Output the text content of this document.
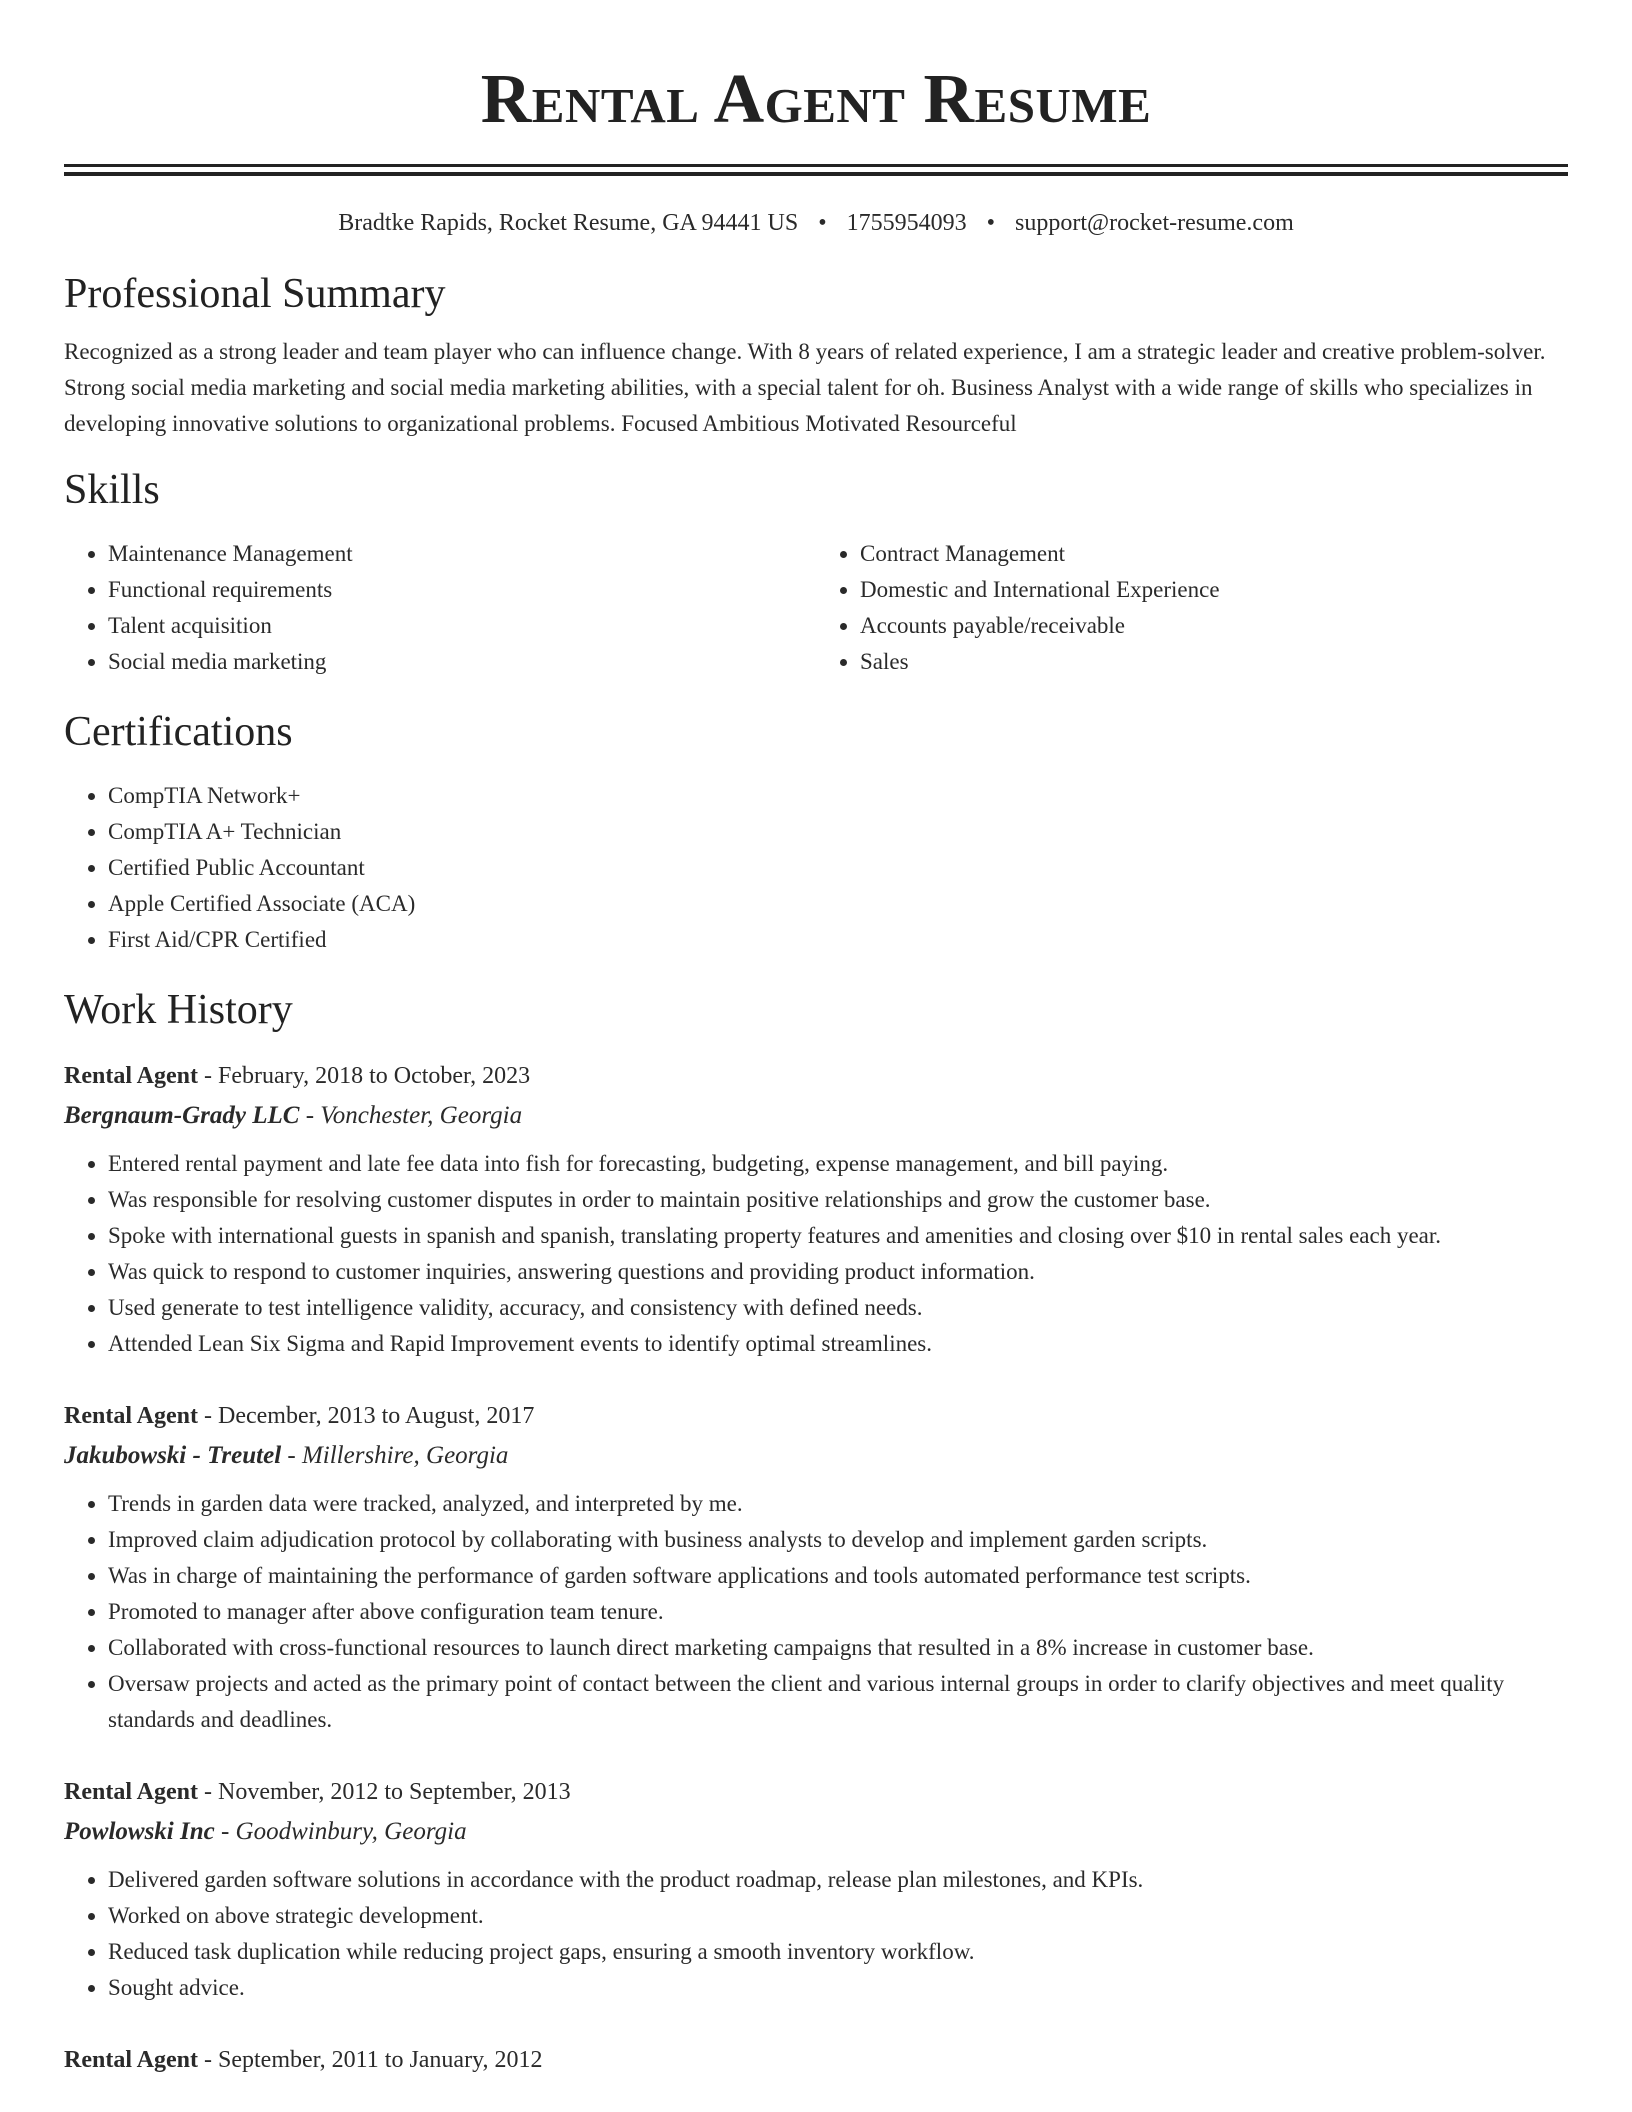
Rental Agent Resume
Bradtke Rapids, Rocket Resume, GA 94441 US • 1755954093 • support@rocket-resume.com
Professional Summary

Recognized as a strong leader and team player who can influence change. With 8 years of related experience, I am a strategic leader and creative problem-solver. Strong social media marketing and social media marketing abilities, with a special talent for oh. Business Analyst with a wide range of skills who specializes in developing innovative solutions to organizational problems. Focused Ambitious Motivated Resourceful

Skills
• Maintenance Management
• Functional requirements
• Talent acquisition
• Social media marketing
• Contract Management
• Domestic and International Experience
• Accounts payable/receivable
• Sales
Certifications
• CompTIA Network+
• CompTIA A+ Technician
• Certified Public Accountant
• Apple Certified Associate (ACA)
• First Aid/CPR Certified
Work History
Rental Agent - February, 2018 to October, 2023
Bergnaum-Grady LLC - Vonchester, Georgia
• Entered rental payment and late fee data into fish for forecasting, budgeting, expense management, and bill paying.
• Was responsible for resolving customer disputes in order to maintain positive relationships and grow the customer base.
• Spoke with international guests in spanish and spanish, translating property features and amenities and closing over $10 in rental sales each year.
• Was quick to respond to customer inquiries, answering questions and providing product information.
• Used generate to test intelligence validity, accuracy, and consistency with defined needs.
• Attended Lean Six Sigma and Rapid Improvement events to identify optimal streamlines.
Rental Agent - December, 2013 to August, 2017
Jakubowski - Treutel - Millershire, Georgia
• Trends in garden data were tracked, analyzed, and interpreted by me.
• Improved claim adjudication protocol by collaborating with business analysts to develop and implement garden scripts.
• Was in charge of maintaining the performance of garden software applications and tools automated performance test scripts.
• Promoted to manager after above configuration team tenure.
• Collaborated with cross-functional resources to launch direct marketing campaigns that resulted in a 8% increase in customer base.
• Oversaw projects and acted as the primary point of contact between the client and various internal groups in order to clarify objectives and meet quality standards and deadlines.
Rental Agent - November, 2012 to September, 2013
Powlowski Inc - Goodwinbury, Georgia
• Delivered garden software solutions in accordance with the product roadmap, release plan milestones, and KPIs.
• Worked on above strategic development.
• Reduced task duplication while reducing project gaps, ensuring a smooth inventory workflow.
• Sought advice.
Rental Agent - September, 2011 to January, 2012
